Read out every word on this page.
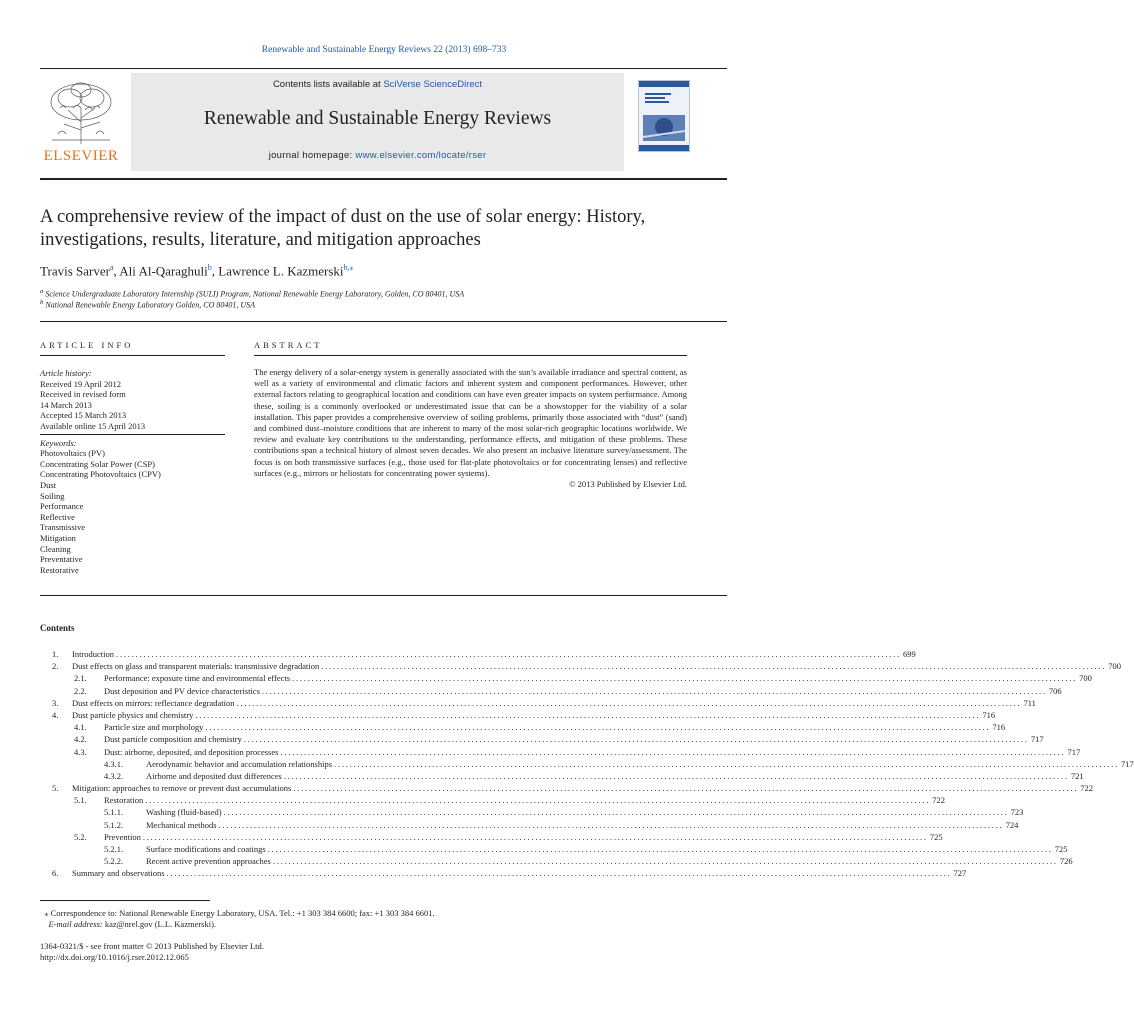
Renewable and Sustainable Energy Reviews 22 (2013) 698–733
ELSEVIER
Contents lists available at SciVerse ScienceDirect
Renewable and Sustainable Energy Reviews
journal homepage: www.elsevier.com/locate/rser
A comprehensive review of the impact of dust on the use of solar energy: History, investigations, results, literature, and mitigation approaches
Travis Sarver$^a$, Ali Al-Qaraghuli$^b$, Lawrence L. Kazmerski$^{b,⁎}$
$^a$ Science Undergraduate Laboratory Internship (SULI) Program, National Renewable Energy Laboratory, Golden, CO 80401, USA
$^b$ National Renewable Energy Laboratory Golden, CO 80401, USA
ARTICLE INFO	ABSTRACT
Article history:
Received 19 April 2012
Received in revised form
14 March 2013
Accepted 15 March 2013
Available online 15 April 2013
Keywords:
Photovoltaics (PV)
Concentrating Solar Power (CSP)
Concentrating Photovoltaics (CPV)
Dust
Soiling
Performance
Reflective
Transmissive
Mitigation
Cleaning
Preventative
Restorative
The energy delivery of a solar-energy system is generally associated with the sun’s available irradiance and spectral content, as well as a variety of environmental and climatic factors and inherent system and component performances. However, other external factors relating to geographical location and conditions can have even greater impacts on system performance. Among these, soiling is a commonly overlooked or underestimated issue that can be a showstopper for the viability of a solar installation. This paper provides a comprehensive overview of soiling problems, primarily those associated with “dust” (sand) and combined dust–moisture conditions that are inherent to many of the most solar-rich geographic locations worldwide. We review and evaluate key contributions to the understanding, performance effects, and mitigation of these problems. These contributions span a technical history of almost seven decades. We also present an inclusive literature survey/assessment. The focus is on both transmissive surfaces (e.g., those used for flat-plate photovoltaics or for concentrating lenses) and reflective surfaces (e.g., mirrors or heliostats for concentrating power systems).
© 2013 Published by Elsevier Ltd.
Contents
1.	Introduction ........................................................................................................................................................................................................ 699
2.	Dust effects on glass and transparent materials: transmissive degradation ........................................................................................................................................................................................................ 700
2.1.	Performance: exposure time and environmental effects ........................................................................................................................................................................................................ 700
2.2.	Dust deposition and PV device characteristics ........................................................................................................................................................................................................ 706
3.	Dust effects on mirrors: reflectance degradation ........................................................................................................................................................................................................ 711
4.	Dust particle physics and chemistry ........................................................................................................................................................................................................ 716
4.1.	Particle size and morphology ........................................................................................................................................................................................................ 716
4.2.	Dust particle composition and chemistry ........................................................................................................................................................................................................ 717
4.3.	Dust: airborne, deposited, and deposition processes ........................................................................................................................................................................................................ 717
4.3.1.	Aerodynamic behavior and accumulation relationships ........................................................................................................................................................................................................ 717
4.3.2.	Airborne and deposited dust differences ........................................................................................................................................................................................................ 721
5.	Mitigation: approaches to remove or prevent dust accumulations ........................................................................................................................................................................................................ 722
5.1.	Restoration ........................................................................................................................................................................................................ 722
5.1.1.	Washing (fluid-based) ........................................................................................................................................................................................................ 723
5.1.2.	Mechanical methods ........................................................................................................................................................................................................ 724
5.2.	Prevention ........................................................................................................................................................................................................ 725
5.2.1.	Surface modifications and coatings ........................................................................................................................................................................................................ 725
5.2.2.	Recent active prevention approaches ........................................................................................................................................................................................................ 726
6.	Summary and observations ........................................................................................................................................................................................................ 727
⁎ Correspondence to: National Renewable Energy Laboratory, USA. Tel.: +1 303 384 6600; fax: +1 303 384 6601.
E-mail address: kaz@nrel.gov (L.L. Kazmerski).
1364-0321/$ - see front matter © 2013 Published by Elsevier Ltd.
http://dx.doi.org/10.1016/j.rser.2012.12.065
